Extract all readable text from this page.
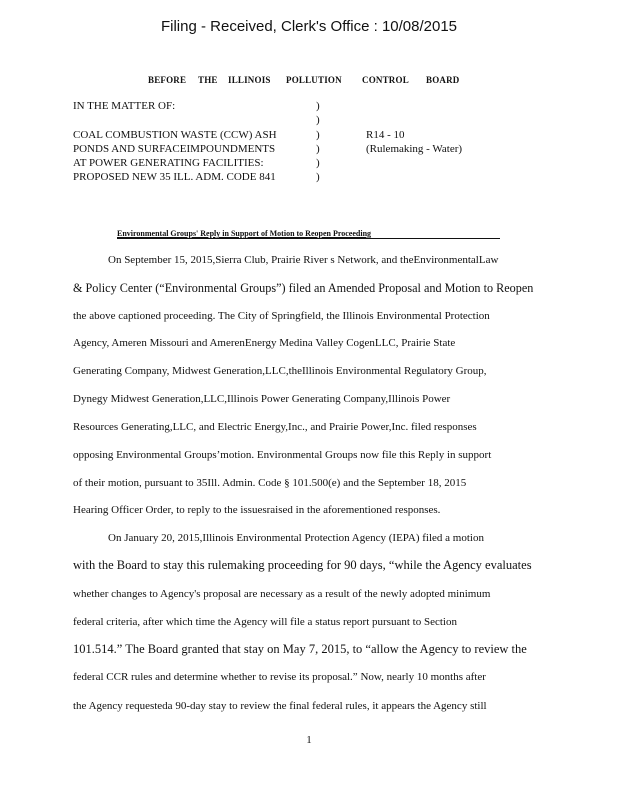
Filing - Received, Clerk's Office : 10/08/2015
BEFORE THE ILLINOIS POLLUTION CONTROL BOARD
IN THE MATTER OF:
COAL COMBUSTION WASTE (CCW) ASH
PONDS AND SURFACEIMPOUNDMENTS
AT POWER GENERATING FACILITIES:
PROPOSED NEW 35 ILL. ADM. CODE 841
)
)
)
)
)
)
R14 - 10
(Rulemaking - Water)
Environmental Groups' Reply in Support of Motion to Reopen Proceeding
On September 15, 2015,Sierra Club, Prairie River s Network, and theEnvironmentalLaw
& Policy Center (“Environmental Groups”) filed an Amended Proposal and Motion to Reopen
the above captioned proceeding. The City of Springfield, the Illinois Environmental Protection
Agency, Ameren Missouri and AmerenEnergy Medina Valley CogenLLC, Prairie State
Generating Company, Midwest Generation,LLC,theIllinois Environmental Regulatory Group,
Dynegy Midwest Generation,LLC,Illinois Power Generating Company,Illinois Power
Resources Generating,LLC, and Electric Energy,Inc., and Prairie Power,Inc. filed responses
opposing Environmental Groups’motion. Environmental Groups now file this Reply in support
of their motion, pursuant to 35Ill. Admin. Code § 101.500(e) and the September 18, 2015
Hearing Officer Order, to reply to the issuesraised in the aforementioned responses.
On January 20, 2015,Illinois Environmental Protection Agency (IEPA) filed a motion
with the Board to stay this rulemaking proceeding for 90 days, “while the Agency evaluates
whether changes to Agency's proposal are necessary as a result of the newly adopted minimum
federal criteria, after which time the Agency will file a status report pursuant to Section
101.514.” The Board granted that stay on May 7, 2015, to “allow the Agency to review the
federal CCR rules and determine whether to revise its proposal.” Now, nearly 10 months after
the Agency requesteda 90-day stay to review the final federal rules, it appears the Agency still
1
